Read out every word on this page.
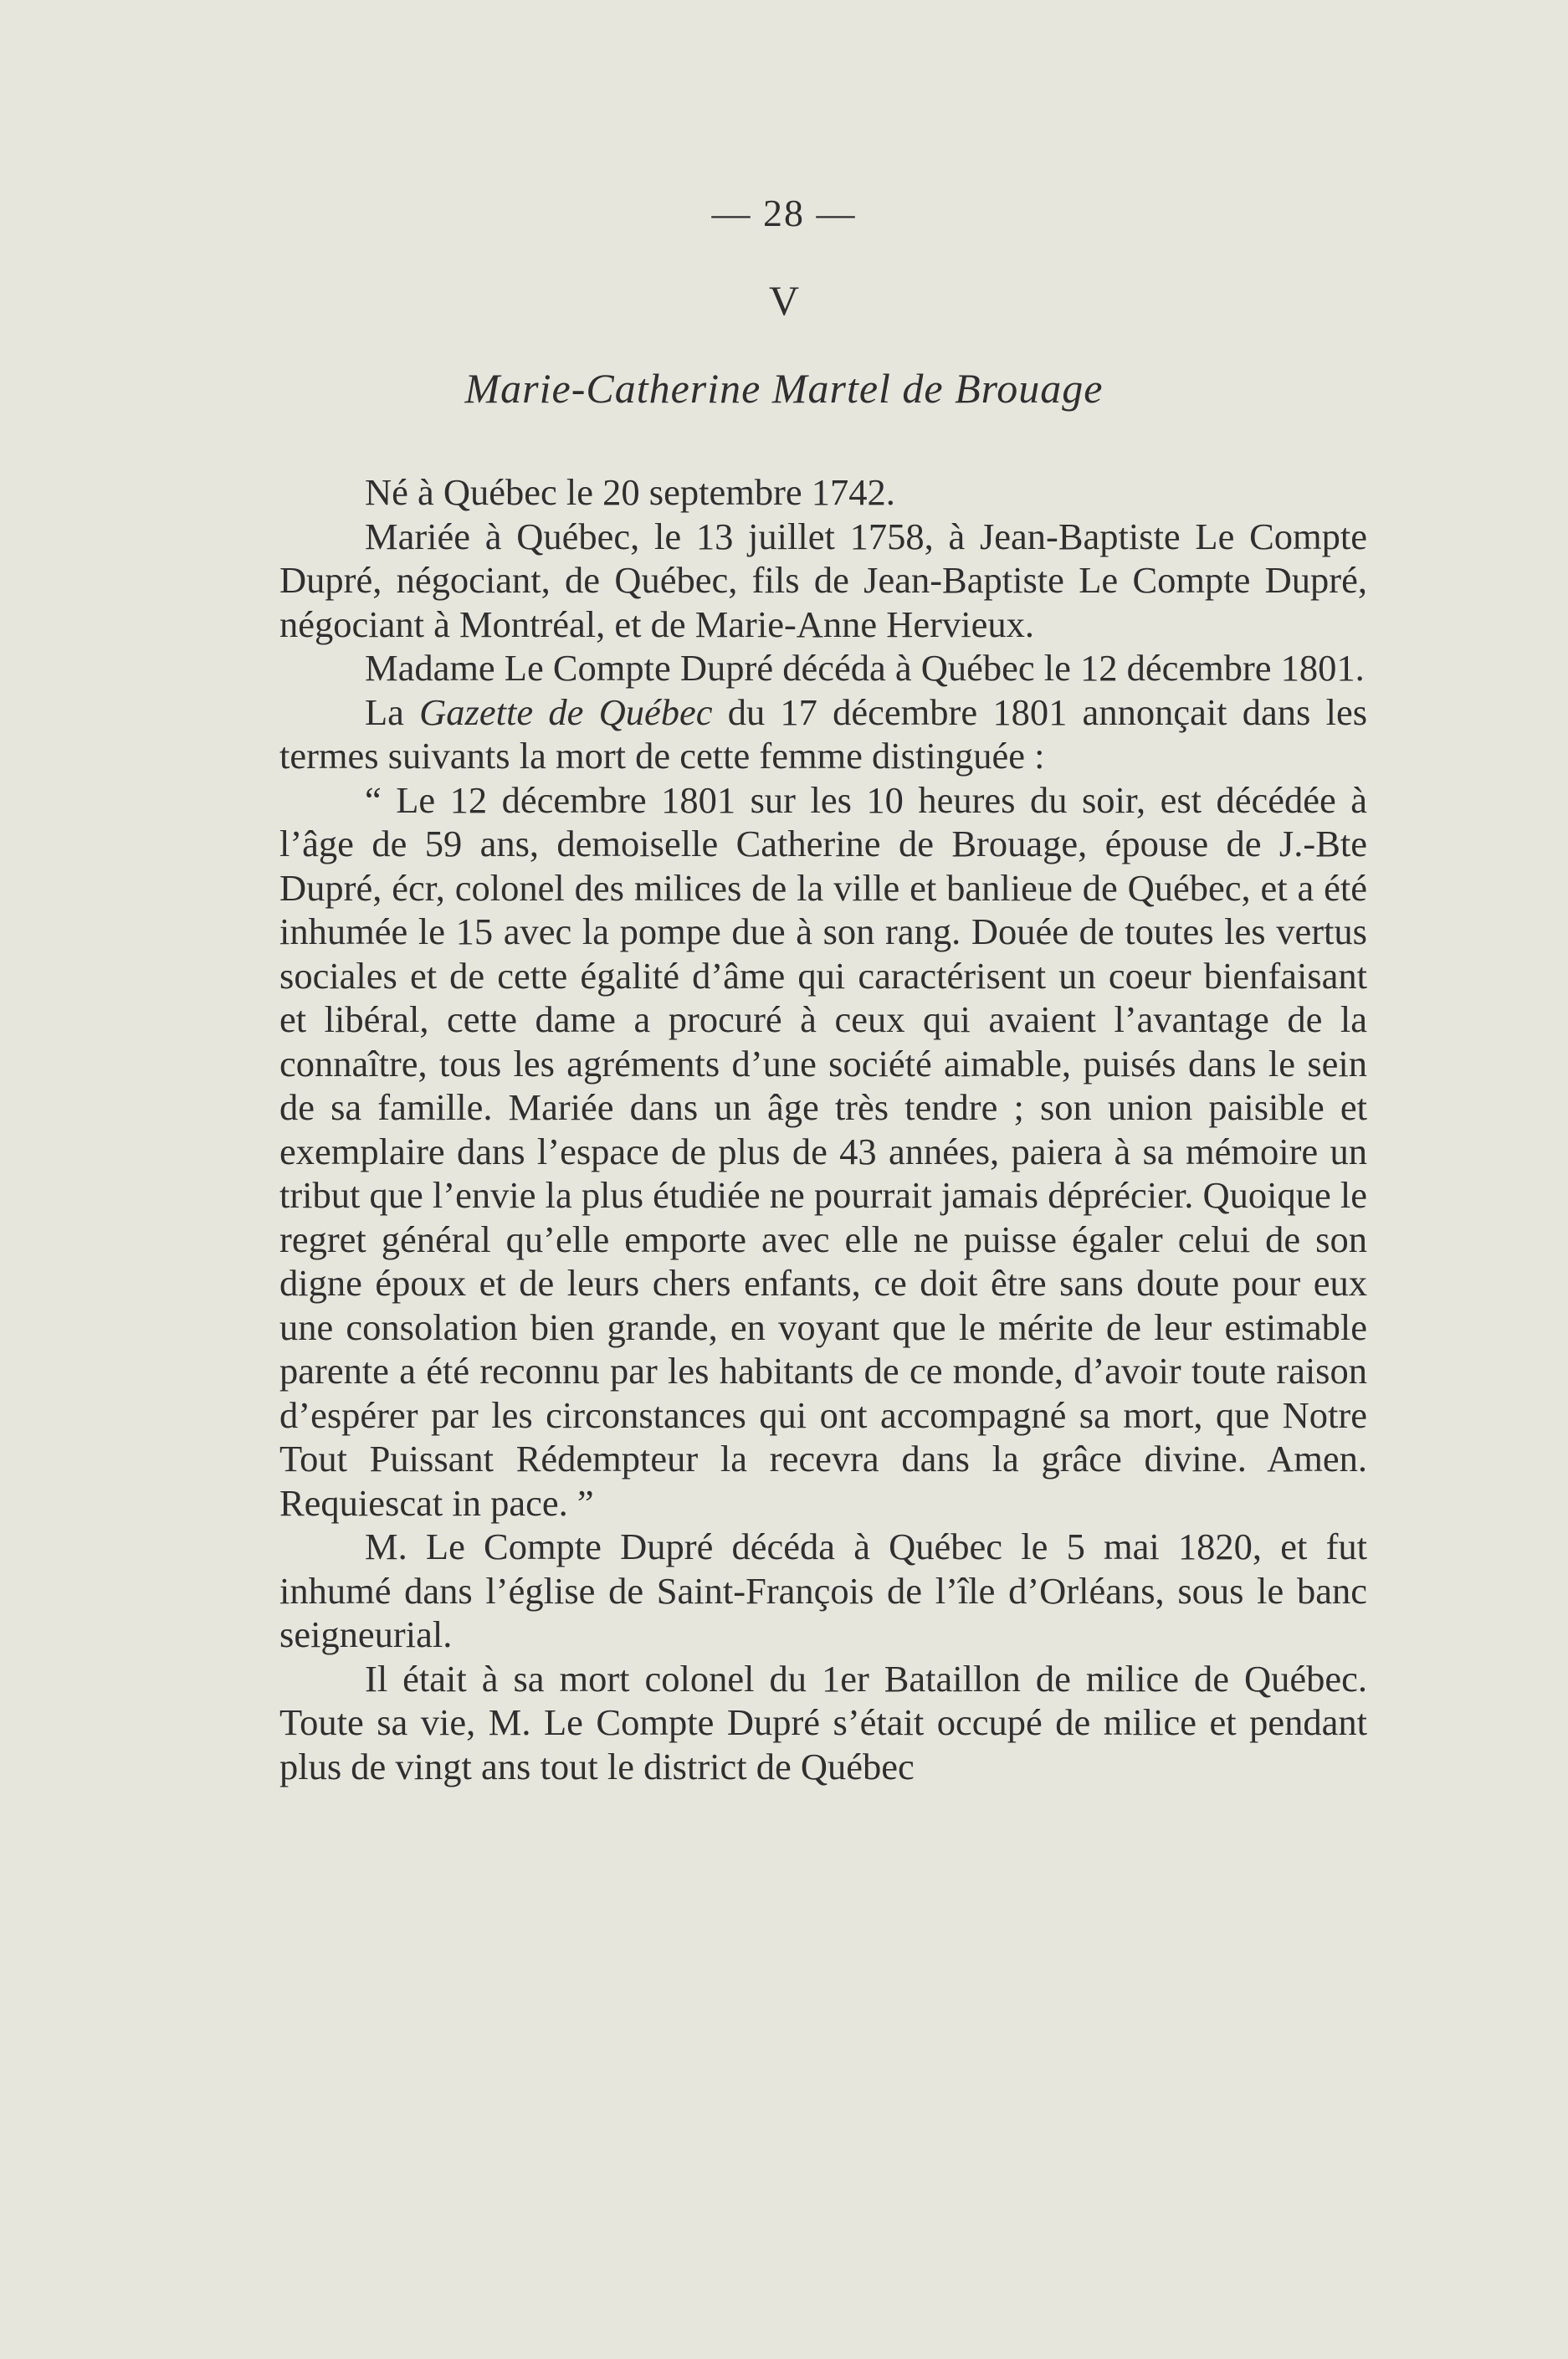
— 28 —
V
Marie-Catherine Martel de Brouage

Né à Québec le 20 septembre 1742.

Mariée à Québec, le 13 juillet 1758, à Jean-Baptiste Le Compte Dupré, négociant, de Québec, fils de Jean-Baptiste Le Compte Dupré, négociant à Montréal, et de Marie-Anne Hervieux.

Madame Le Compte Dupré décéda à Québec le 12 décembre 1801.

La Gazette de Québec du 17 décembre 1801 annonçait dans les termes suivants la mort de cette femme distinguée :

“ Le 12 décembre 1801 sur les 10 heures du soir, est décédée à l’âge de 59 ans, demoiselle Catherine de Brouage, épouse de J.-Bte Dupré, écr, colonel des milices de la ville et banlieue de Québec, et a été inhumée le 15 avec la pompe due à son rang. Douée de toutes les vertus sociales et de cette égalité d’âme qui caractérisent un coeur bienfaisant et libéral, cette dame a procuré à ceux qui avaient l’avantage de la connaître, tous les agréments d’une société aimable, puisés dans le sein de sa famille. Mariée dans un âge très tendre ; son union paisible et exemplaire dans l’espace de plus de 43 années, paiera à sa mémoire un tribut que l’envie la plus étudiée ne pourrait jamais déprécier. Quoique le regret général qu’elle emporte avec elle ne puisse égaler celui de son digne époux et de leurs chers enfants, ce doit être sans doute pour eux une consolation bien grande, en voyant que le mérite de leur estimable parente a été reconnu par les habitants de ce monde, d’avoir toute raison d’espérer par les circonstances qui ont accompagné sa mort, que Notre Tout Puissant Rédempteur la recevra dans la grâce divine. Amen. Requiescat in pace. ”

M. Le Compte Dupré décéda à Québec le 5 mai 1820, et fut inhumé dans l’église de Saint-François de l’île d’Orléans, sous le banc seigneurial.

Il était à sa mort colonel du 1er Bataillon de milice de Québec. Toute sa vie, M. Le Compte Dupré s’était occupé de milice et pendant plus de vingt ans tout le district de Québec
